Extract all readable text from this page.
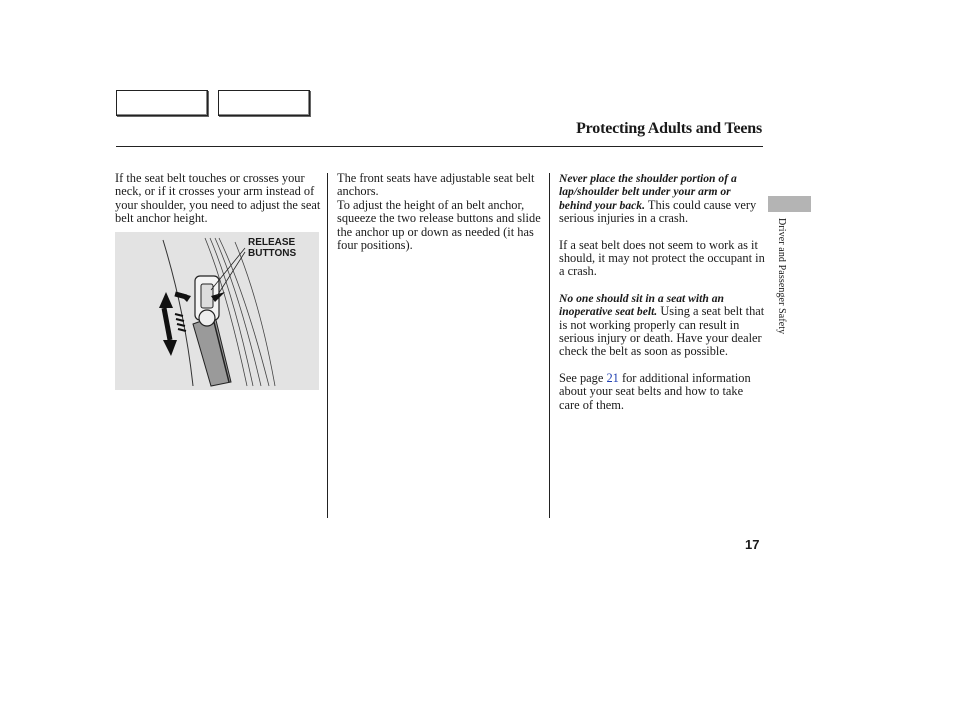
Protecting Adults and Teens

If the seat belt touches or crosses your neck, or if it crosses your arm instead of your shoulder, you need to adjust the seat belt anchor height.

RELEASE
BUTTONS

The front seats have adjustable seat belt anchors.

To adjust the height of an belt anchor, squeeze the two release buttons and slide the anchor up or down as needed (it has four positions).

Never place the shoulder portion of a lap/shoulder belt under your arm or behind your back. This could cause very serious injuries in a crash.

If a seat belt does not seem to work as it should, it may not protect the occupant in a crash.

No one should sit in a seat with an inoperative seat belt. Using a seat belt that is not working properly can result in serious injury or death. Have your dealer check the belt as soon as possible.

See page 21 for additional information about your seat belts and how to take care of them.

Driver and Passenger Safety
17
